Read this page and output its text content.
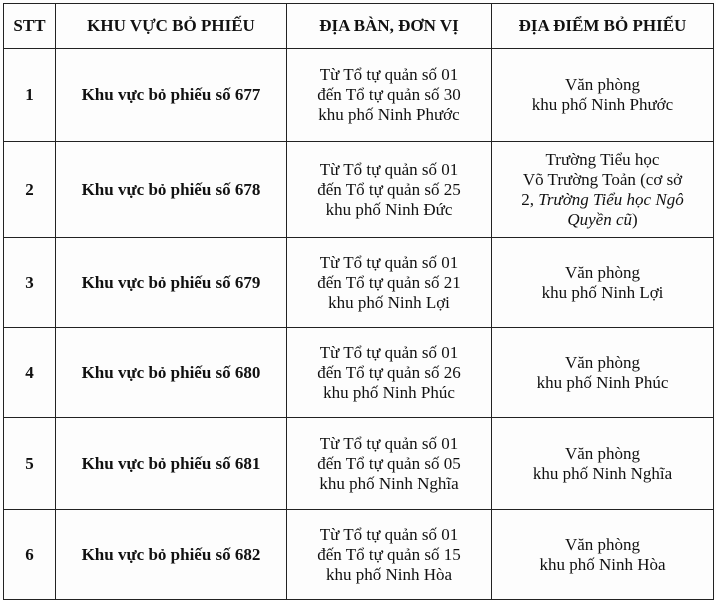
STT	KHU VỰC BỎ PHIẾU	ĐỊA BÀN, ĐƠN VỊ	ĐỊA ĐIỂM BỎ PHIẾU
1	Khu vực bỏ phiếu số 677	Từ Tổ tự quản số 01
đến Tổ tự quản số 30
khu phố Ninh Phước	Văn phòng
khu phố Ninh Phước

2	Khu vực bỏ phiếu số 678	Từ Tổ tự quản số 01
đến Tổ tự quản số 25
khu phố Ninh Đức	Trường Tiểu học
Võ Trường Toản (cơ sở
2, Trường Tiểu học Ngô
Quyền cũ)

3	Khu vực bỏ phiếu số 679	Từ Tổ tự quản số 01
đến Tổ tự quản số 21
khu phố Ninh Lợi	Văn phòng
khu phố Ninh Lợi

4	Khu vực bỏ phiếu số 680	Từ Tổ tự quản số 01
đến Tổ tự quản số 26
khu phố Ninh Phúc	Văn phòng
khu phố Ninh Phúc

5	Khu vực bỏ phiếu số 681	Từ Tổ tự quản số 01
đến Tổ tự quản số 05
khu phố Ninh Nghĩa	Văn phòng
khu phố Ninh Nghĩa

6	Khu vực bỏ phiếu số 682	Từ Tổ tự quản số 01
đến Tổ tự quản số 15
khu phố Ninh Hòa	Văn phòng
khu phố Ninh Hòa
